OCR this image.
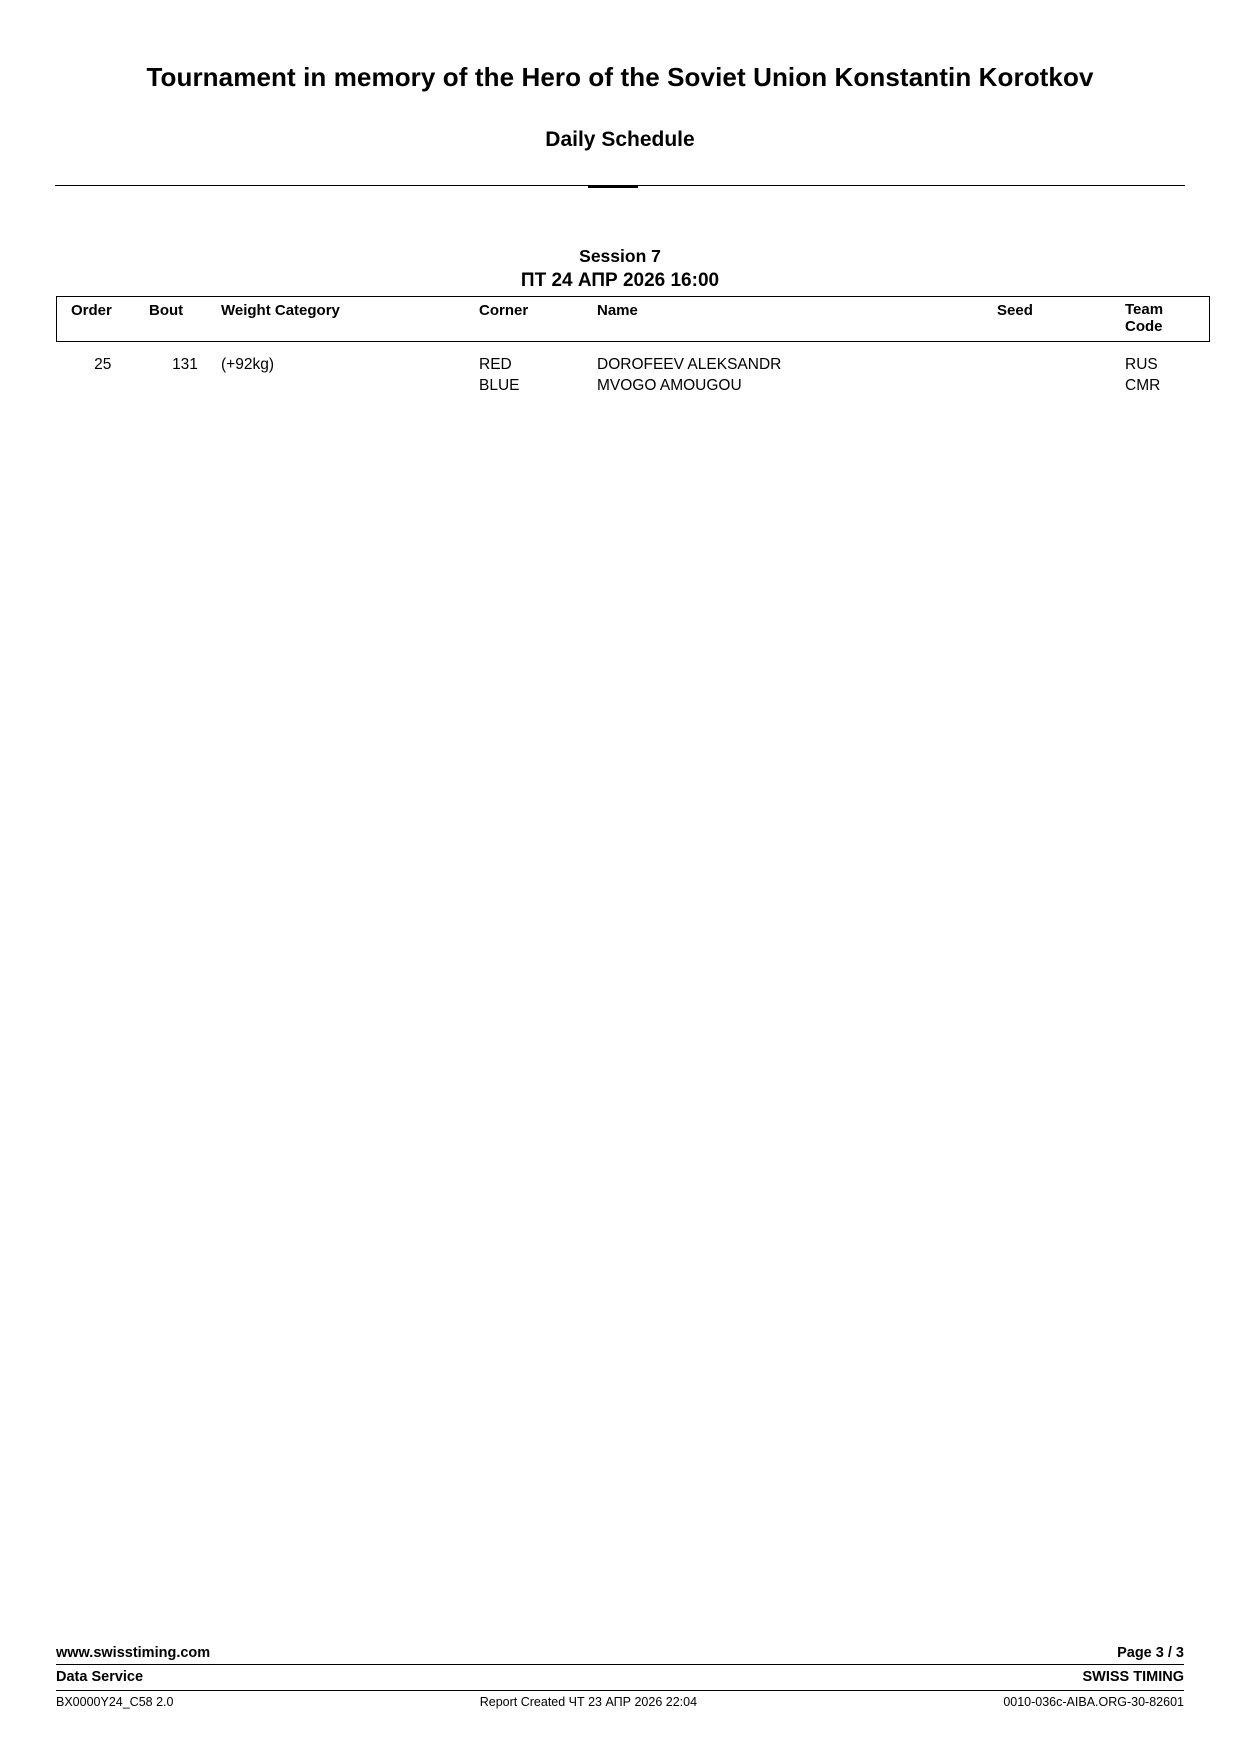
Tournament in memory of the Hero of the Soviet Union Konstantin Korotkov
Daily Schedule
Session 7
ПТ 24 АПР 2026 16:00
Order	Bout	Weight Category	Corner	Name	Seed	Team
Code

25	131	(+92kg)	RED	DOROFEEV ALEKSANDR		RUS
			BLUE	MVOGO AMOUGOU		CMR
www.swisstiming.com	Page 3 / 3
Data Service	SWISS TIMING
BX0000Y24_C58 2.0	Report Created ЧТ 23 АПР 2026 22:04	0010-036c-AIBA.ORG-30-82601
